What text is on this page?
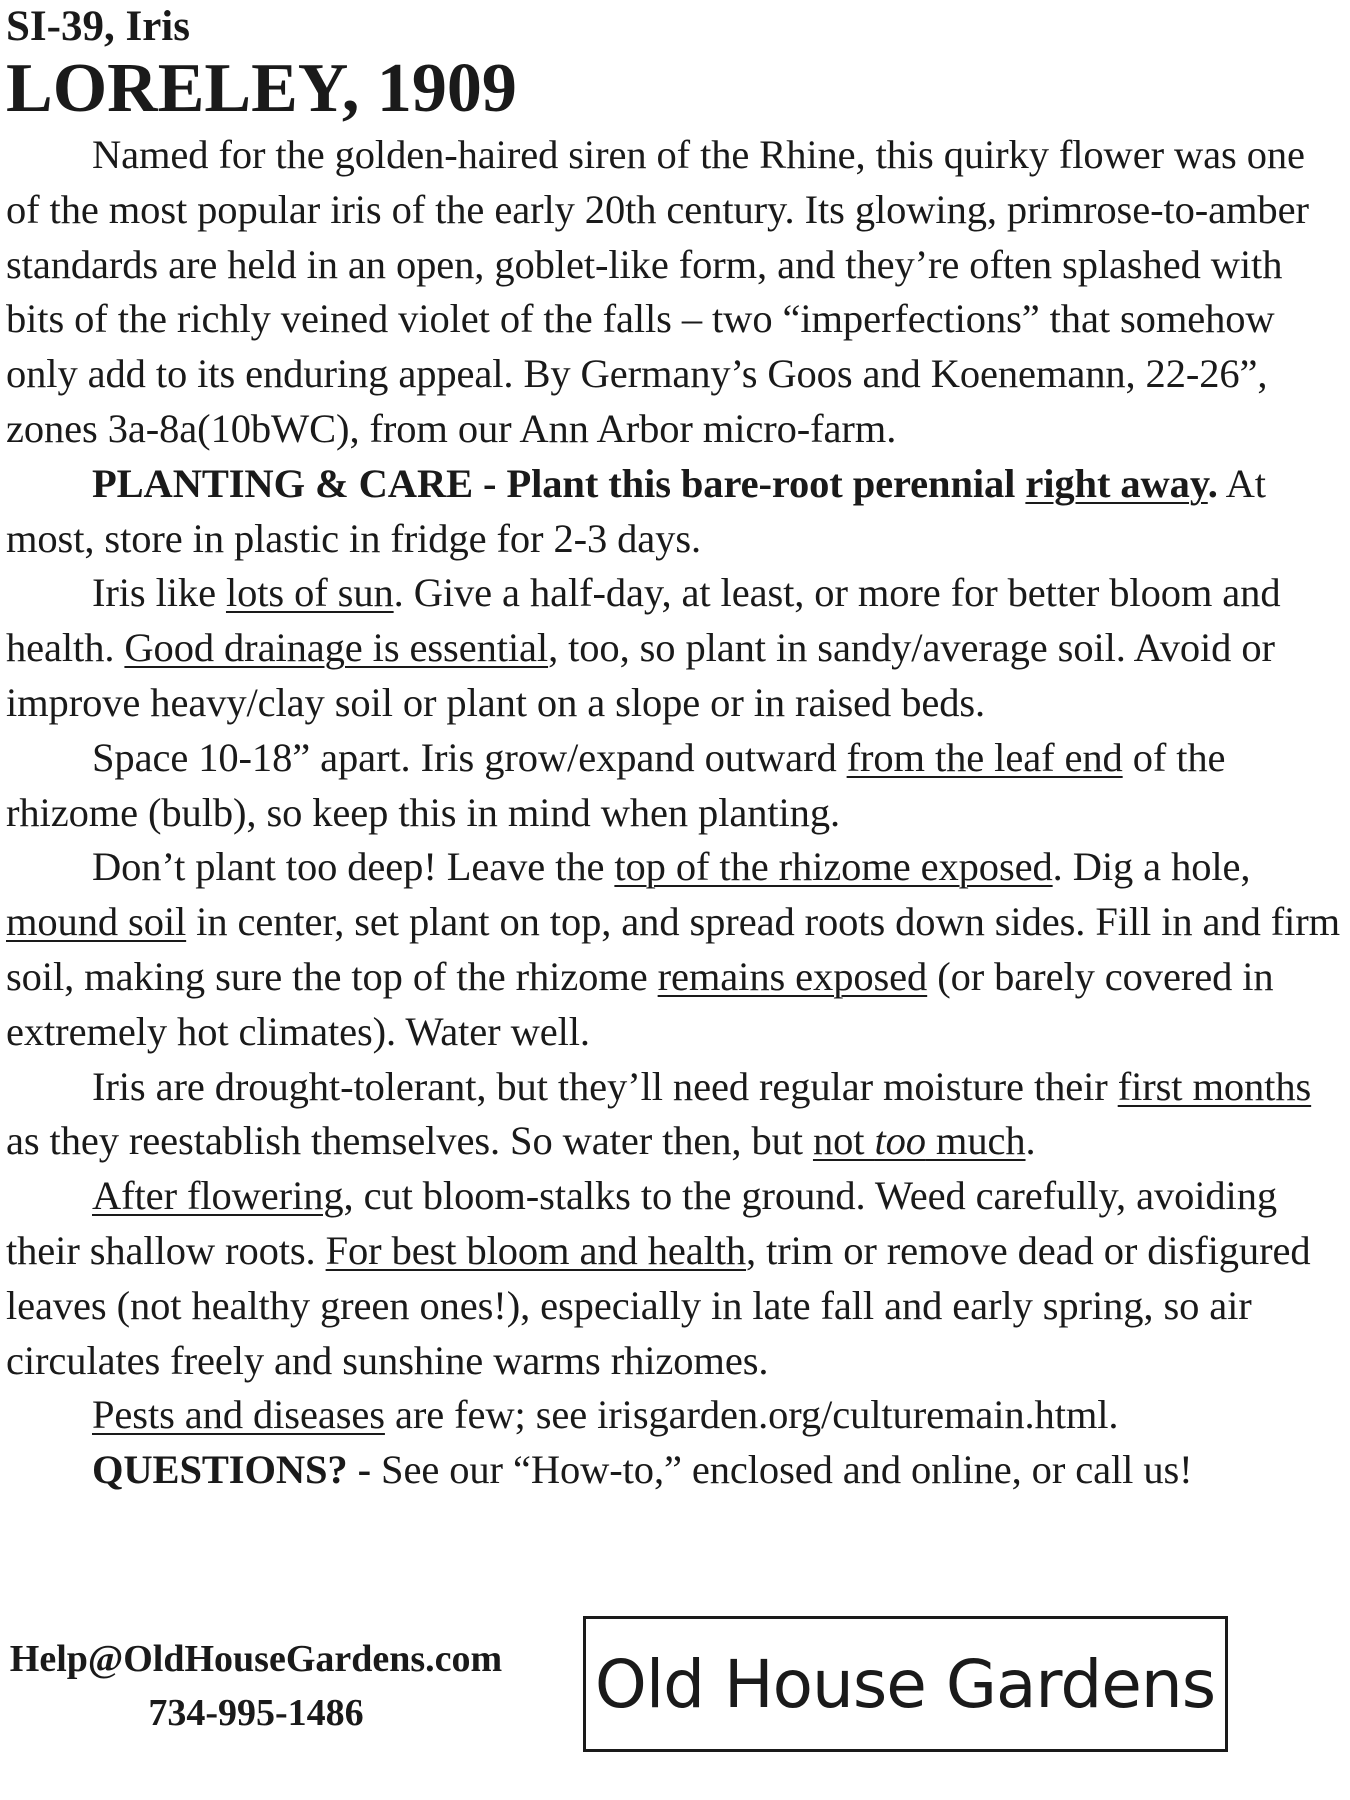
SI-39, Iris
LORELEY, 1909

Named for the golden-haired siren of the Rhine, this quirky flower was one of the most popular iris of the early 20th century. Its glowing, primrose-to-amber standards are held in an open, goblet-like form, and they’re often splashed with bits of the richly veined violet of the falls – two “imperfections” that somehow only add to its enduring appeal. By Germany’s Goos and Koenemann, 22-26”, zones 3a-8a(10bWC), from our Ann Arbor micro-farm.

PLANTING & CARE - Plant this bare-root perennial right away. At most, store in plastic in fridge for 2-3 days.

Iris like lots of sun. Give a half-day, at least, or more for better bloom and health. Good drainage is essential, too, so plant in sandy/average soil. Avoid or improve heavy/clay soil or plant on a slope or in raised beds.

Space 10-18” apart. Iris grow/expand outward from the leaf end of the rhizome (bulb), so keep this in mind when planting.

Don’t plant too deep! Leave the top of the rhizome exposed. Dig a hole, mound soil in center, set plant on top, and spread roots down sides. Fill in and firm soil, making sure the top of the rhizome remains exposed (or barely covered in extremely hot climates). Water well.

Iris are drought-tolerant, but they’ll need regular moisture their first months as they reestablish themselves. So water then, but not too much.

After flowering, cut bloom-stalks to the ground. Weed carefully, avoiding their shallow roots. For best bloom and health, trim or remove dead or disfigured leaves (not healthy green ones!), especially in late fall and early spring, so air circulates freely and sunshine warms rhizomes.

Pests and diseases are few; see irisgarden.org/culturemain.html.

QUESTIONS? - See our “How-to,” enclosed and online, or call us!

Help@OldHouseGardens.com
734-995-1486	Old House Gardens
